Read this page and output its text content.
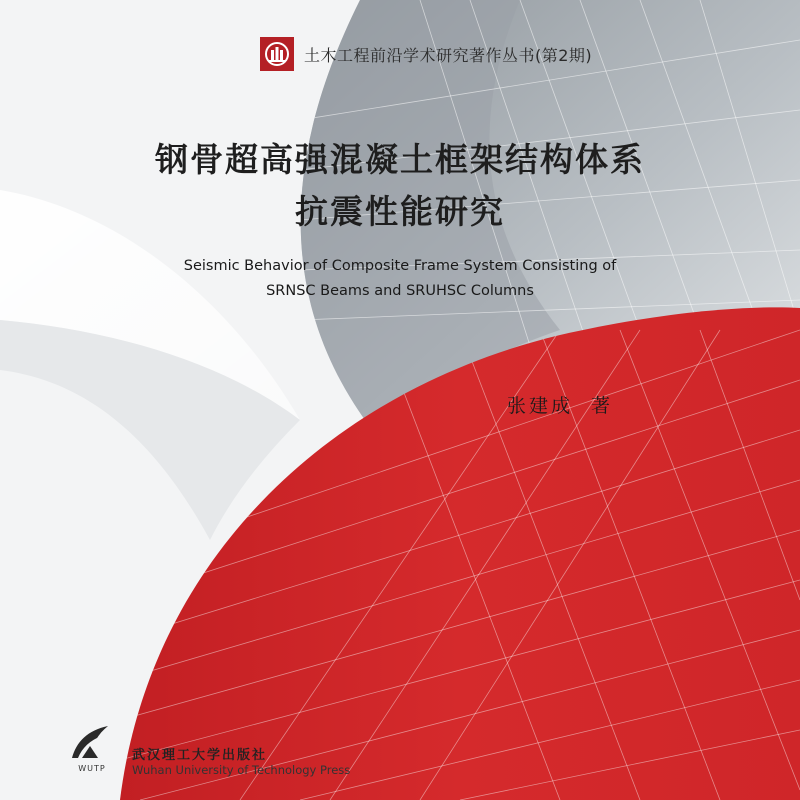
土木工程前沿学术研究著作丛书(第2期)
钢骨超高强混凝土框架结构体系
抗震性能研究
Seismic Behavior of Composite Frame System Consisting of
SRNSC Beams and SRUHSC Columns
张建成 著
WUTP
武汉理工大学出版社
Wuhan University of Technology Press
